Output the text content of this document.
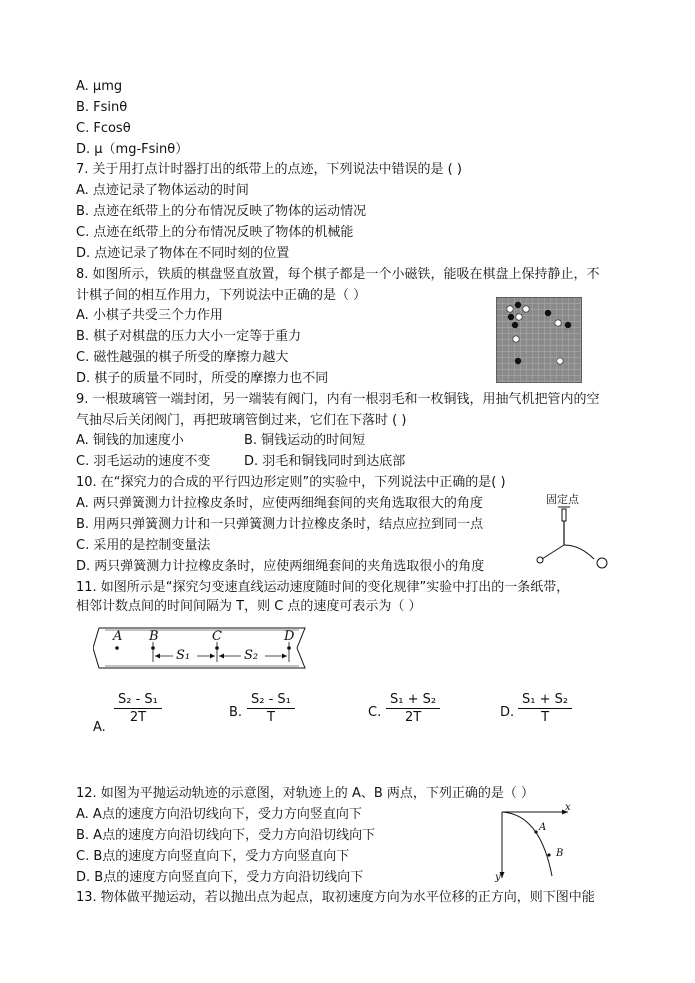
A. μmg
B. Fsinθ
C. Fcosθ
D. μ（mg-Fsinθ）
7. 关于用打点计时器打出的纸带上的点迹，下列说法中错误的是 ( )
A. 点迹记录了物体运动的时间
B. 点迹在纸带上的分布情况反映了物体的运动情况
C. 点迹在纸带上的分布情况反映了物体的机械能
D. 点迹记录了物体在不同时刻的位置
8. 如图所示，铁质的棋盘竖直放置，每个棋子都是一个小磁铁，能吸在棋盘上保持静止，不
计棋子间的相互作用力，下列说法中正确的是（ ）
A. 小棋子共受三个力作用
B. 棋子对棋盘的压力大小一定等于重力
C. 磁性越强的棋子所受的摩擦力越大
D. 棋子的质量不同时，所受的摩擦力也不同
9. 一根玻璃管一端封闭，另一端装有阀门，内有一根羽毛和一枚铜钱，用抽气机把管内的空
气抽尽后关闭阀门，再把玻璃管倒过来，它们在下落时 ( )
A. 铜钱的加速度小	B. 铜钱运动的时间短
C. 羽毛运动的速度不变	D. 羽毛和铜钱同时到达底部
10. 在“探究力的合成的平行四边形定则”的实验中，下列说法中正确的是( )
A. 两只弹簧测力计拉橡皮条时，应使两细绳套间的夹角选取很大的角度
B. 用两只弹簧测力计和一只弹簧测力计拉橡皮条时，结点应拉到同一点
C. 采用的是控制变量法
D. 两只弹簧测力计拉橡皮条时，应使两细绳套间的夹角选取很小的角度
固定点
11. 如图所示是“探究匀变速直线运动速度随时间的变化规律”实验中打出的一条纸带，
相邻计数点间的时间间隔为 T，则 C 点的速度可表示为（ ）
A B	C	D
S₁	S₂
A.
$\frac{\text{S₂ - S₁}}{2T}$	B. $\frac{\text{S₂ - S₁}}{T}$	C. $\frac{\text{S₁ + S₂}}{2T}$	D. $\frac{\text{S₁ + S₂}}{T}$
12. 如图为平抛运动轨迹的示意图，对轨迹上的 A、B 两点，下列正确的是（ ）
A. A点的速度方向沿切线向下，受力方向竖直向下
B. A点的速度方向沿切线向下，受力方向沿切线向下
C. B点的速度方向竖直向下，受力方向竖直向下
D. B点的速度方向竖直向下，受力方向沿切线向下
x
y
A
B
13. 物体做平抛运动，若以抛出点为起点，取初速度方向为水平位移的正方向，则下图中能
